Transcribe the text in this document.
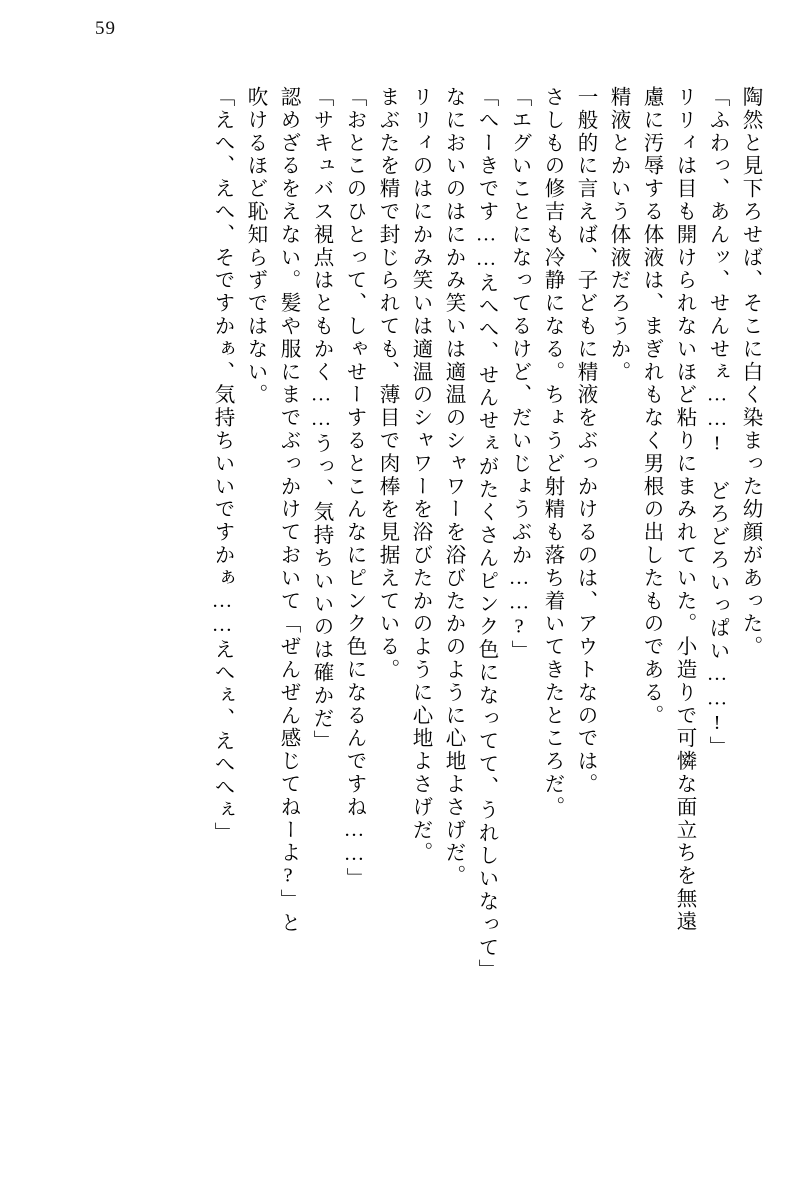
59
陶然と見下ろせば、そこに白く染まった幼顔があった。
「ふわっ、あんッ、せんせぇ……!　どろどろいっぱい……!」
リリィは目も開けられないほど粘りにまみれていた。小造りで可憐な面立ちを無遠
慮に汚辱する体液は、まぎれもなく男根の出したものである。
精液とかいう体液だろうか。
一般的に言えば、子どもに精液をぶっかけるのは、アウトなのでは。
さしもの修吉も冷静になる。ちょうど射精も落ち着いてきたところだ。
「エグいことになってるけど、だいじょうぶか……?」
「へーきです……えへへ、せんせぇがたくさんピンク色になってて、うれしいなって」
なにおいのはにかみ笑いは適温のシャワーを浴びたかのように心地よさげだ。
リリィのはにかみ笑いは適温のシャワーを浴びたかのように心地よさげだ。
まぶたを精で封じられても、薄目で肉棒を見据えている。
「おとこのひとって、しゃせーするとこんなにピンク色になるんですね……」
「サキュバス視点はともかく……うっ、気持ちいいのは確かだ」
認めざるをえない。髪や服にまでぶっかけておいて「ぜんぜん感じてねーよ?」と
吹けるほど恥知らずではない。
「えへ、えへ、そですかぁ、気持ちいいですかぁ……えへぇ、えへへぇ」
